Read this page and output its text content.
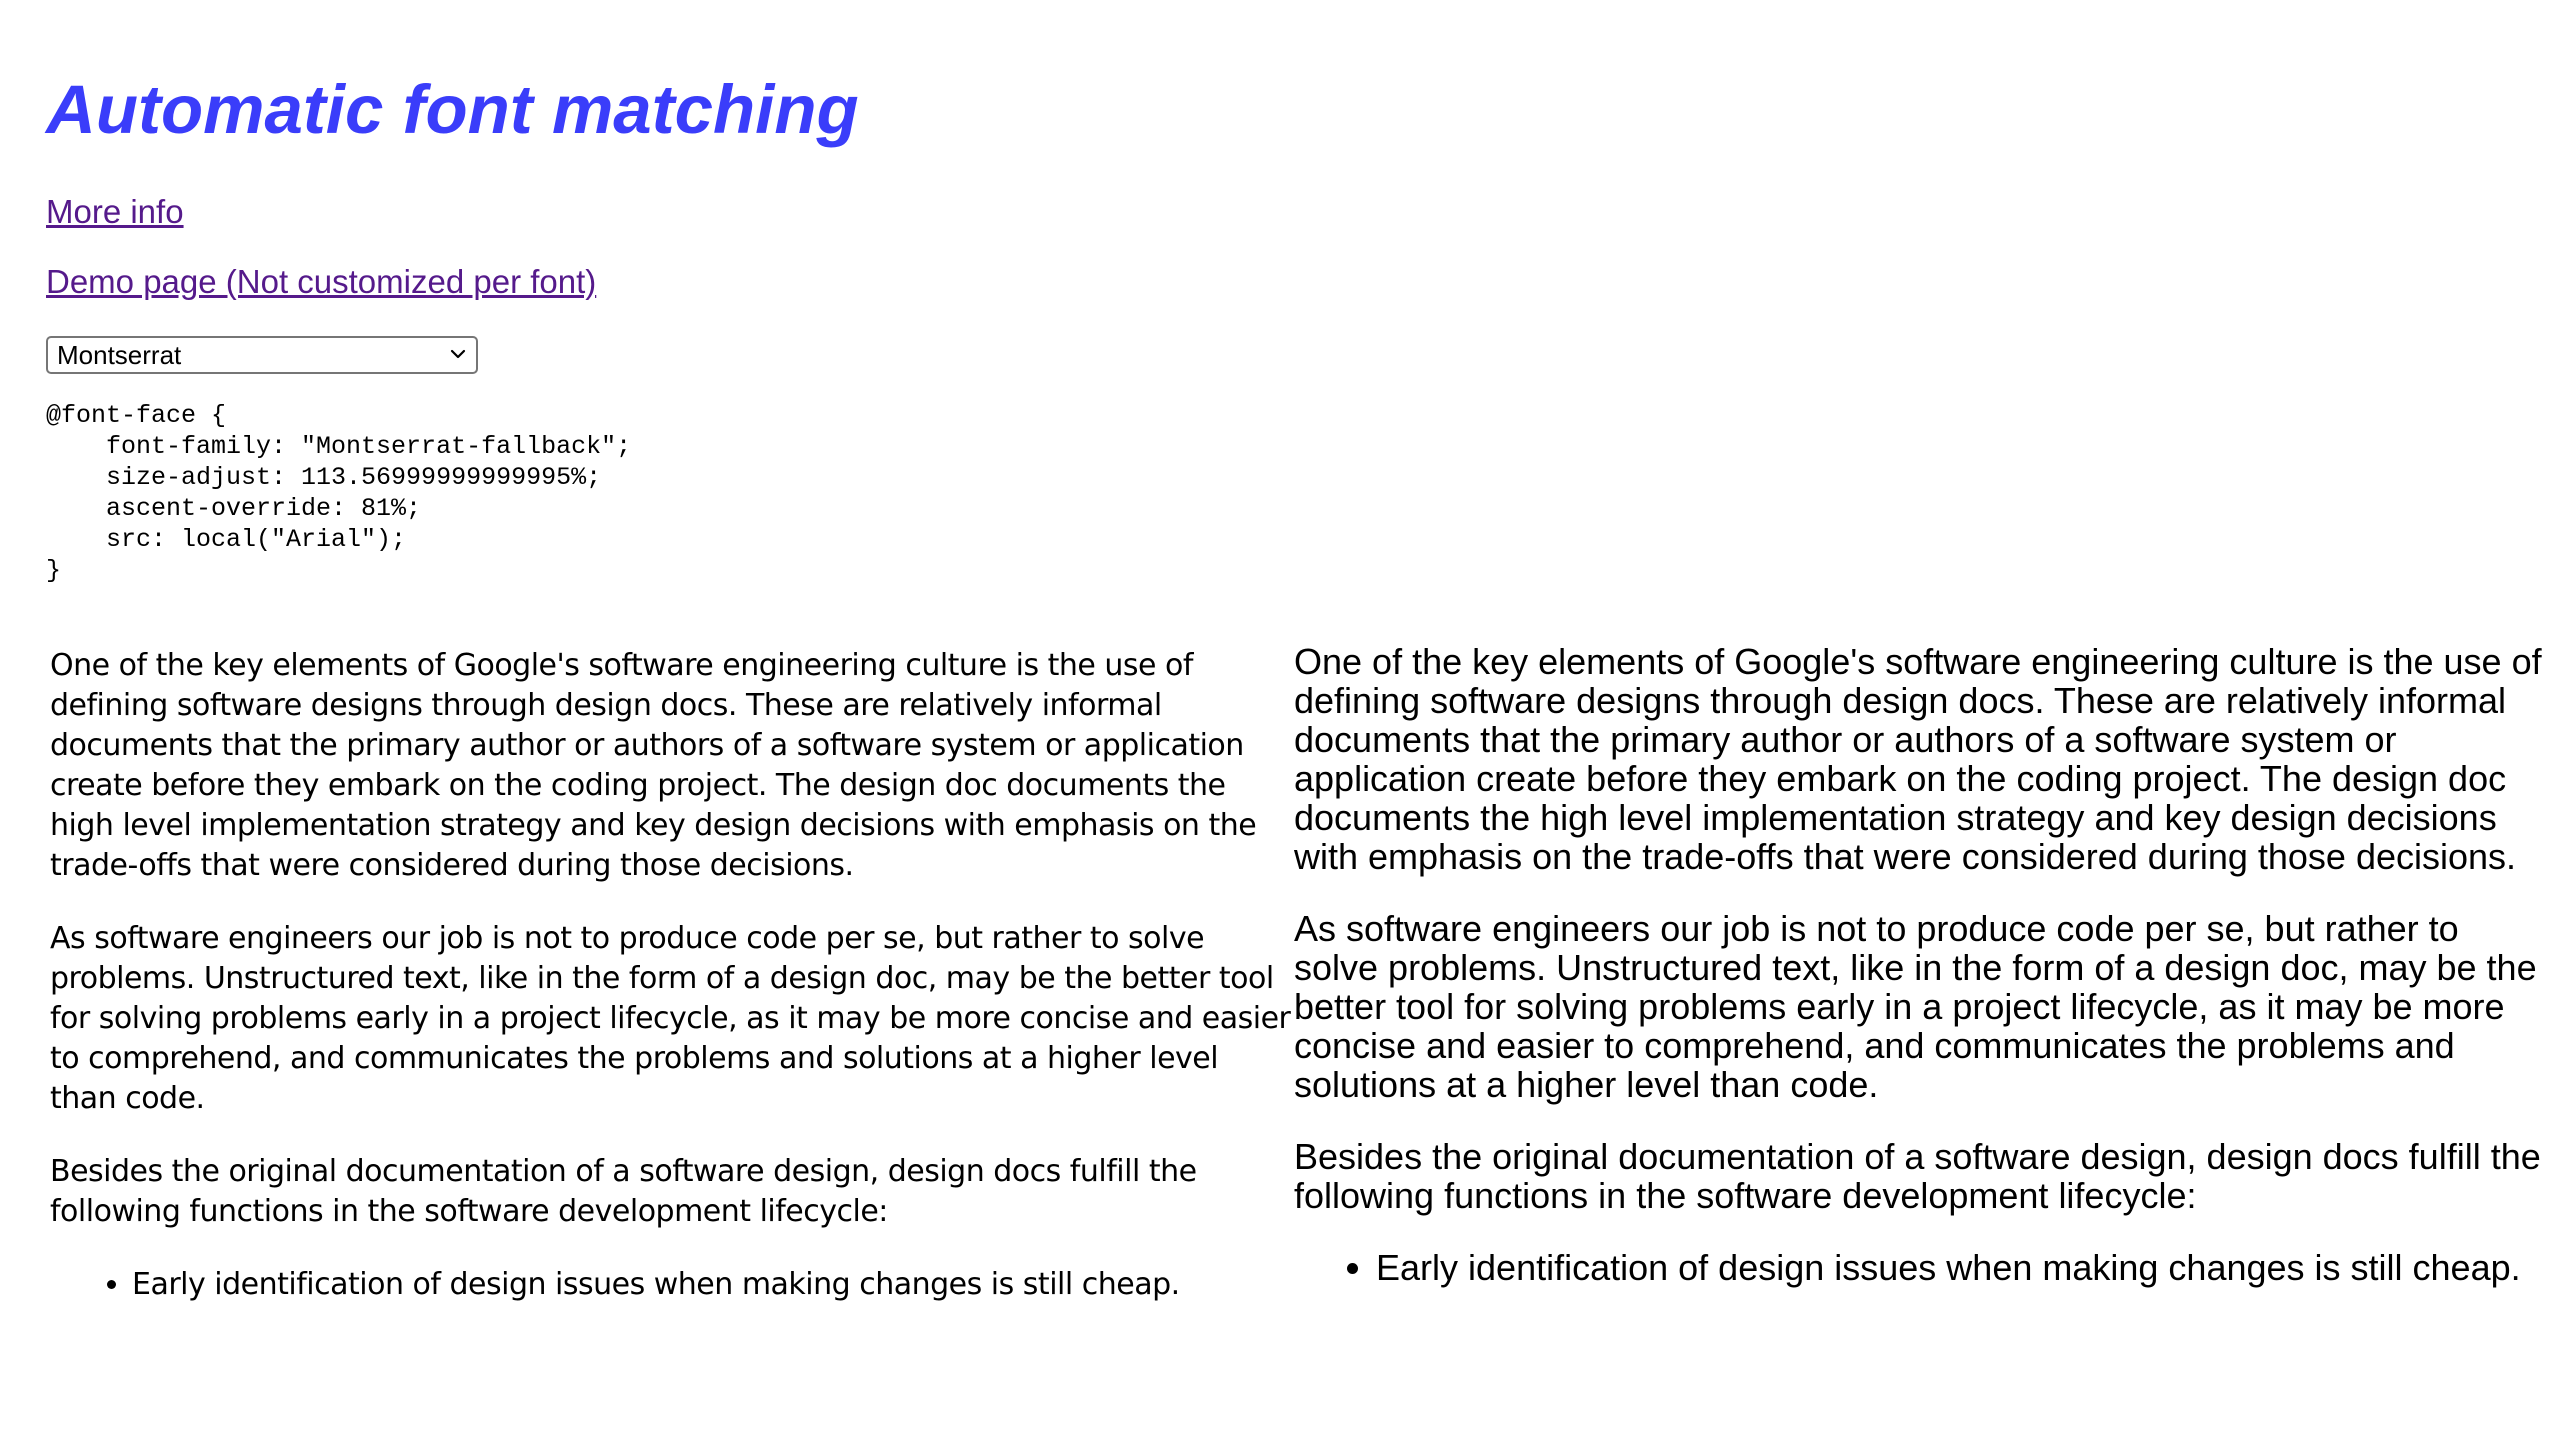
Automatic font matching
More info
Demo page (Not customized per font)
Montserrat
@font-face {
font-family: "Montserrat-fallback";
size-adjust: 113.56999999999995%;
ascent-override: 81%;
src: local("Arial");
}

One of the key elements of Google's software engineering culture is the use of defining software designs through design docs. These are relatively informal documents that the primary author or authors of a software system or application create before they embark on the coding project. The design doc documents the high level implementation strategy and key design decisions with emphasis on the trade-offs that were considered during those decisions.

As software engineers our job is not to produce code per se, but rather to solve problems. Unstructured text, like in the form of a design doc, may be the better tool for solving problems early in a project lifecycle, as it may be more concise and easier to comprehend, and communicates the problems and solutions at a higher level than code.

Besides the original documentation of a software design, design docs fulfill the following functions in the software development lifecycle:

• Early identification of design issues when making changes is still cheap.

One of the key elements of Google's software engineering culture is the use of defining software designs through design docs. These are relatively informal documents that the primary author or authors of a software system or application create before they embark on the coding project. The design doc documents the high level implementation strategy and key design decisions with emphasis on the trade-offs that were considered during those decisions.

As software engineers our job is not to produce code per se, but rather to solve problems. Unstructured text, like in the form of a design doc, may be the better tool for solving problems early in a project lifecycle, as it may be more concise and easier to comprehend, and communicates the problems and solutions at a higher level than code.

Besides the original documentation of a software design, design docs fulfill the following functions in the software development lifecycle:

• Early identification of design issues when making changes is still cheap.
